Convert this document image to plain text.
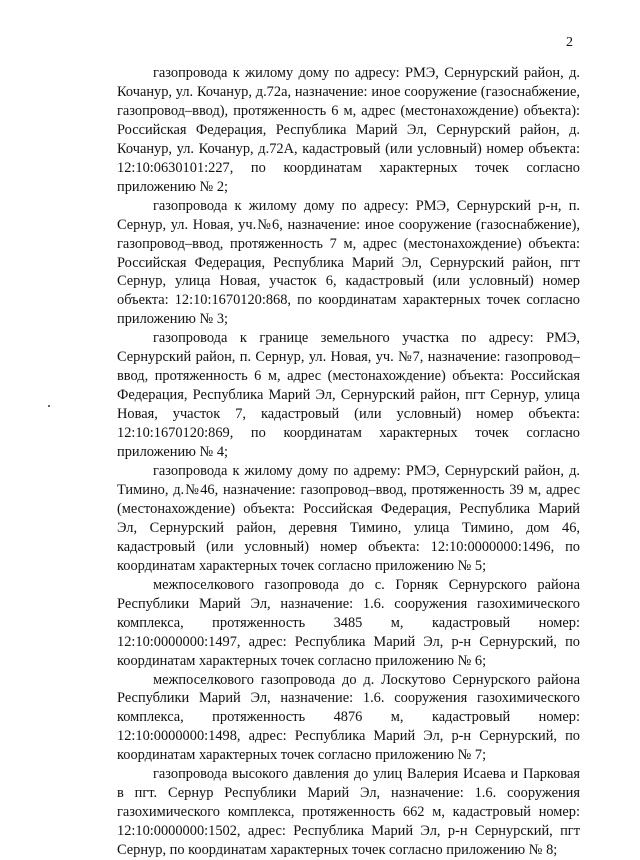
2

газопровода к жилому дому по адресу: РМЭ, Сернурский район, д. Кочанур, ул. Кочанур, д.72а, назначение: иное сооружение (газоснабжение, газопровод–ввод), протяженность 6 м, адрес (местонахождение) объекта): Российская Федерация, Республика Марий Эл, Сернурский район, д. Кочанур, ул. Кочанур, д.72А, кадастровый (или условный) номер объекта: 12:10:0630101:227, по координатам характерных точек согласно приложению № 2;

газопровода к жилому дому по адресу: РМЭ, Сернурский р-н, п. Сернур, ул. Новая, уч.№6, назначение: иное сооружение (газоснабжение), газопровод–ввод, протяженность 7 м, адрес (местонахождение) объекта: Российская Федерация, Республика Марий Эл, Сернурский район, пгт Сернур, улица Новая, участок 6, кадастровый (или условный) номер объекта: 12:10:1670120:868, по координатам характерных точек согласно приложению № 3;

газопровода к границе земельного участка по адресу: РМЭ, Сернурский район, п. Сернур, ул. Новая, уч. №7, назначение: газопровод–ввод, протяженность 6 м, адрес (местонахождение) объекта: Российская Федерация, Республика Марий Эл, Сернурский район, пгт Сернур, улица Новая, участок 7, кадастровый (или условный) номер объекта: 12:10:1670120:869, по координатам характерных точек согласно приложению № 4;

газопровода к жилому дому по адрему: РМЭ, Сернурский район, д. Тимино, д.№46, назначение: газопровод–ввод, протяженность 39 м, адрес (местонахождение) объекта: Российская Федерация, Республика Марий Эл, Сернурский район, деревня Тимино, улица Тимино, дом 46, кадастровый (или условный) номер объекта: 12:10:0000000:1496, по координатам характерных точек согласно приложению № 5;

межпоселкового газопровода до с. Горняк Сернурского района Республики Марий Эл, назначение: 1.6. сооружения газохимического комплекса, протяженность 3485 м, кадастровый номер: 12:10:0000000:1497, адрес: Республика Марий Эл, р-н Сернурский, по координатам характерных точек согласно приложению № 6;

межпоселкового газопровода до д. Лоскутово Сернурского района Республики Марий Эл, назначение: 1.6. сооружения газохимического комплекса, протяженность 4876 м, кадастровый номер: 12:10:0000000:1498, адрес: Республика Марий Эл, р-н Сернурский, по координатам характерных точек согласно приложению № 7;

газопровода высокого давления до улиц Валерия Исаева и Парковая в пгт. Сернур Республики Марий Эл, назначение: 1.6. сооружения газохимического комплекса, протяженность 662 м, кадастровый номер: 12:10:0000000:1502, адрес: Республика Марий Эл, р-н Сернурский, пгт Сернур, по координатам характерных точек согласно приложению № 8;
